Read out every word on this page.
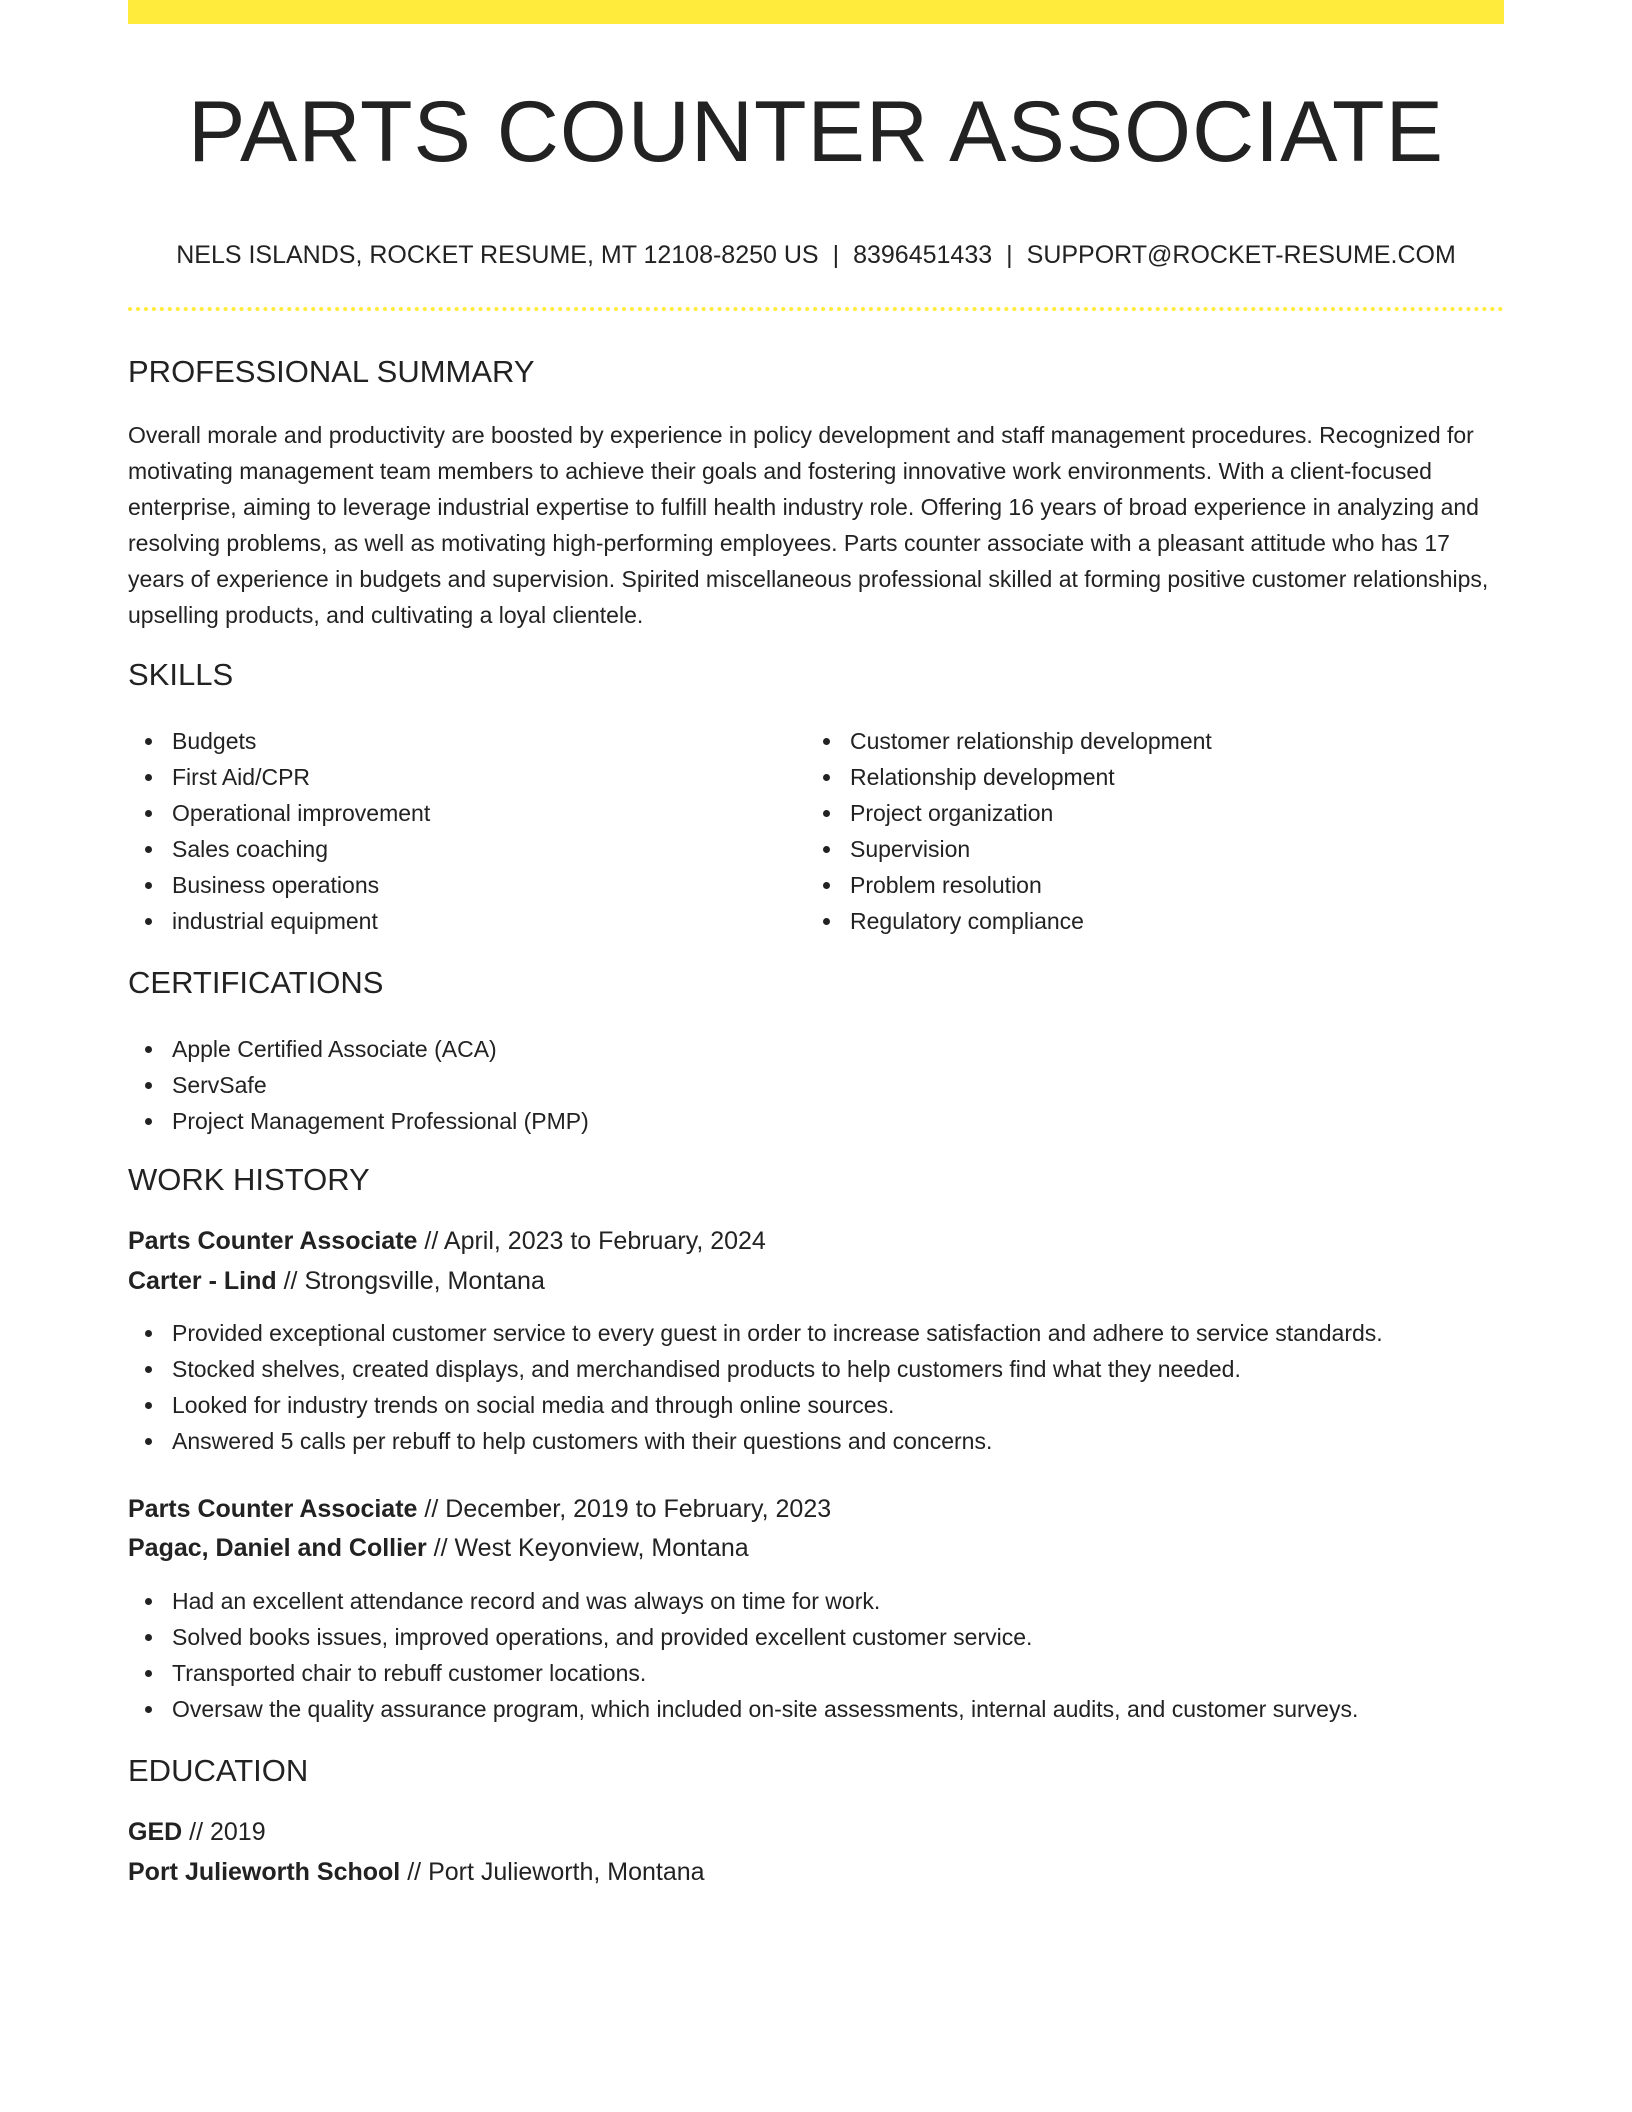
PARTS COUNTER ASSOCIATE
NELS ISLANDS, ROCKET RESUME, MT 12108-8250 US | 8396451433 | SUPPORT@ROCKET-RESUME.COM
PROFESSIONAL SUMMARY

Overall morale and productivity are boosted by experience in policy development and staff management procedures. Recognized for motivating management team members to achieve their goals and fostering innovative work environments. With a client-focused enterprise, aiming to leverage industrial expertise to fulfill health industry role. Offering 16 years of broad experience in analyzing and resolving problems, as well as motivating high-performing employees. Parts counter associate with a pleasant attitude who has 17 years of experience in budgets and supervision. Spirited miscellaneous professional skilled at forming positive customer relationships, upselling products, and cultivating a loyal clientele.

SKILLS
Budgets
First Aid/CPR
Operational improvement
Sales coaching
Business operations
industrial equipment
Customer relationship development
Relationship development
Project organization
Supervision
Problem resolution
Regulatory compliance
CERTIFICATIONS
Apple Certified Associate (ACA)
ServSafe
Project Management Professional (PMP)
WORK HISTORY
Parts Counter Associate // April, 2023 to February, 2024
Carter - Lind // Strongsville, Montana
Provided exceptional customer service to every guest in order to increase satisfaction and adhere to service standards.
Stocked shelves, created displays, and merchandised products to help customers find what they needed.
Looked for industry trends on social media and through online sources.
Answered 5 calls per rebuff to help customers with their questions and concerns.
Parts Counter Associate // December, 2019 to February, 2023
Pagac, Daniel and Collier // West Keyonview, Montana
Had an excellent attendance record and was always on time for work.
Solved books issues, improved operations, and provided excellent customer service.
Transported chair to rebuff customer locations.
Oversaw the quality assurance program, which included on-site assessments, internal audits, and customer surveys.
EDUCATION
GED // 2019
Port Julieworth School // Port Julieworth, Montana
